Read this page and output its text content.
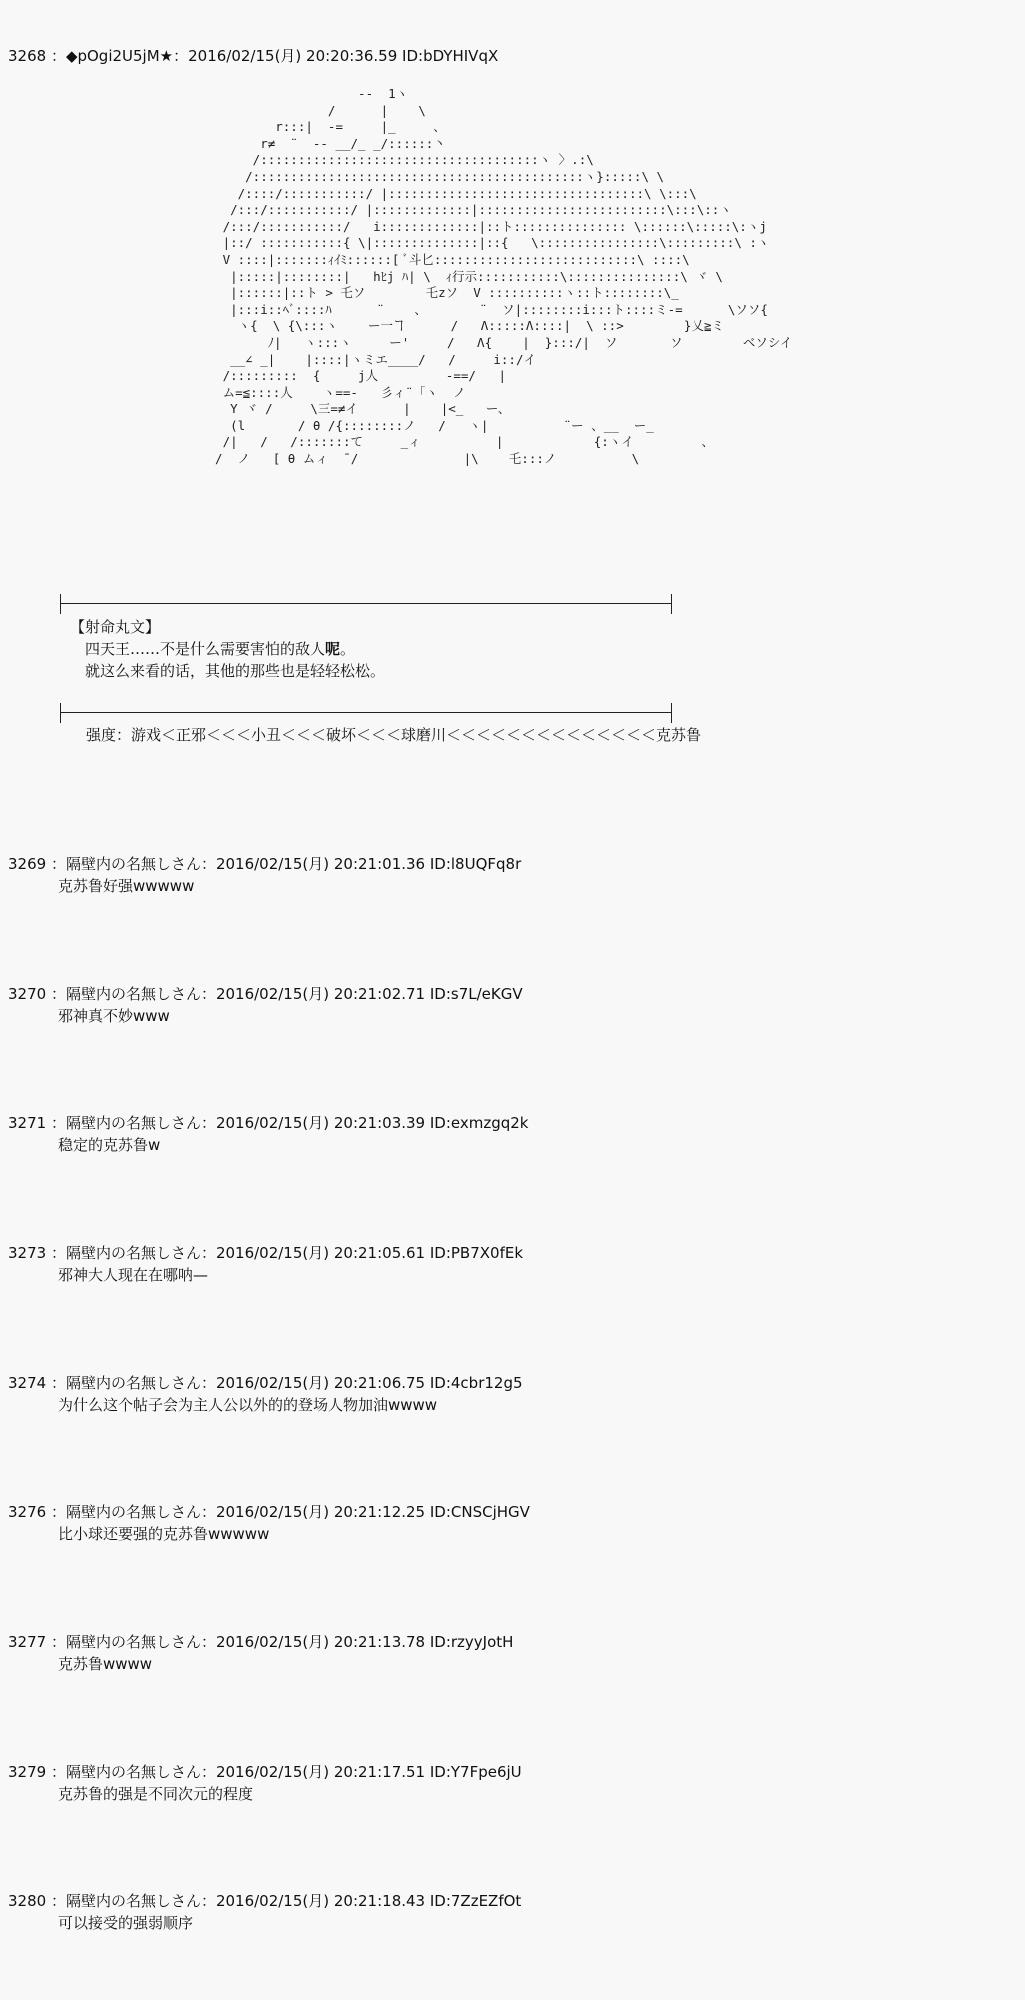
3268 ：◆pOgi2U5jM★：2016/02/15(月) 20:20:36.59 ID:bDYHIVqX
--  1ヽ
/      |    \
r:::|  -=     |_     、
r≠  ¨  -- __/_ _/::::::丶
/:::::::::::::::::::::::::::::::::::::ヽ 〉.:\
/::::::::::::::::::::::::::::::::::::::::::::ヽ}:::::\ \
/::::/:::::::::::/ |::::::::::::::::::::::::::::::::::\ \:::\
/:::/:::::::::::/ |:::::::::::::|:::::::::::::::::::::::::\:::\::ヽ
/:::/:::::::::::/   i:::::::::::::|::ト::::::::::::::: \::::::\:::::\:ヽj
|::/ :::::::::::{ \|::::::::::::::|::{   \::::::::::::::::\:::::::::\ :ヽ
V ::::|:::::::ｨｲﾐ::::::[ ﾞ斗匕:::::::::::::::::::::::::::\ ::::\
|:::::|::::::::|   hﾋj ﾊ| \  ｨ行示:::::::::::\:::::::::::::::\ ヾ \
|::::::|::ト > 乇ソ        乇zソ  V ::::::::::ヽ::ト::::::::\_
|:::i::ﾍﾞ::::ﾊ      ¨    、       ¨  ソ|::::::::i:::ト::::ミ-=      \ソソ{
ヽ{  \ {\:::ヽ    ー一ヿ      /   Λ:::::Λ::::|  \ ::>        }乂≧ミ
ﾉ|   ヽ:::ヽ     ー'     /   Λ{    |  }:::/|  ソ       ソ        ベソシイ
__∠ _|    |::::|ヽミエ____/   /     i::/イ
/:::::::::  {     j人         -==/   |
ム=≦::::人    ヽ==-   彡ィ¨「ヽ  ノ
Y ヾ /     \三=≠イ      |    |<_   ー、
(l       / θ /{::::::::ノ   /   ヽ|          ¨ー 、__  ー_
/|   /   /:::::::て     _ィ          |            {:ヽイ         、
/  ノ   [ θ ムィ  ̄ /              |\    乇:::ノ          \
【射命丸文】
四天王……不是什么需要害怕的敌人呢。
就这么来看的话，其他的那些也是轻轻松松。
强度：游戏＜正邪＜＜＜小丑＜＜＜破坏＜＜＜球磨川＜＜＜＜＜＜＜＜＜＜＜＜＜＜克苏鲁
3269 ：隔壁内の名無しさん：2016/02/15(月) 20:21:01.36 ID:l8UQFq8r
克苏鲁好强wwwww
3270 ：隔壁内の名無しさん：2016/02/15(月) 20:21:02.71 ID:s7L/eKGV
邪神真不妙www
3271 ：隔壁内の名無しさん：2016/02/15(月) 20:21:03.39 ID:exmzgq2k
稳定的克苏鲁w
3273 ：隔壁内の名無しさん：2016/02/15(月) 20:21:05.61 ID:PB7X0fEk
邪神大人现在在哪呐—
3274 ：隔壁内の名無しさん：2016/02/15(月) 20:21:06.75 ID:4cbr12g5
为什么这个帖子会为主人公以外的的登场人物加油wwww
3276 ：隔壁内の名無しさん：2016/02/15(月) 20:21:12.25 ID:CNSCjHGV
比小球还要强的克苏鲁wwwww
3277 ：隔壁内の名無しさん：2016/02/15(月) 20:21:13.78 ID:rzyyJotH
克苏鲁wwww
3279 ：隔壁内の名無しさん：2016/02/15(月) 20:21:17.51 ID:Y7Fpe6jU
克苏鲁的强是不同次元的程度
3280 ：隔壁内の名無しさん：2016/02/15(月) 20:21:18.43 ID:7ZzEZfOt
可以接受的强弱顺序
